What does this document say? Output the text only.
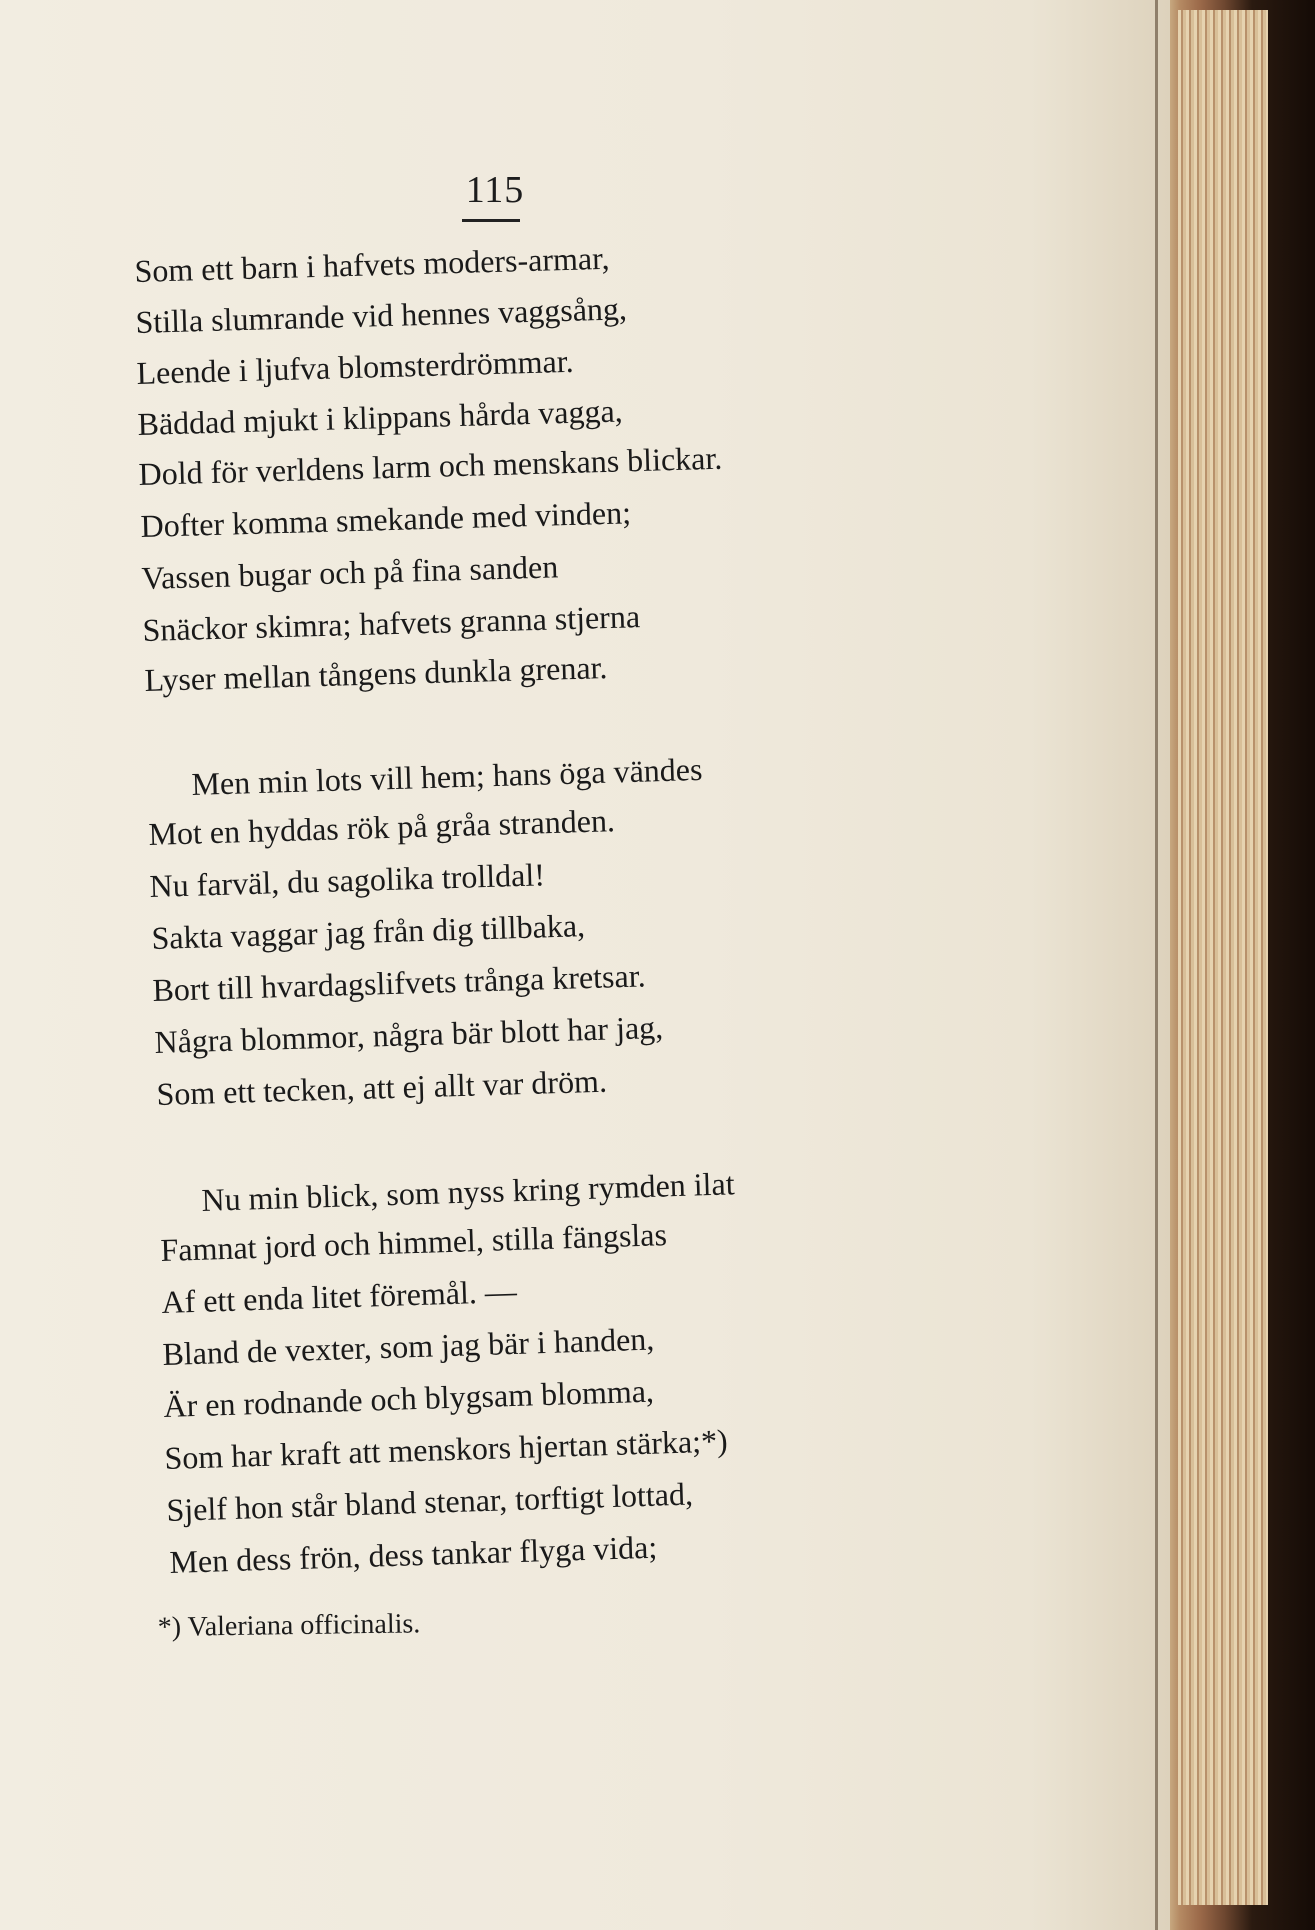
115
Som ett barn i hafvets moders-armar,
Stilla slumrande vid hennes vaggsång,
Leende i ljufva blomsterdrömmar.
Bäddad mjukt i klippans hårda vagga,
Dold för verldens larm och menskans blickar.
Dofter komma smekande med vinden;
Vassen bugar och på fina sanden
Snäckor skimra; hafvets granna stjerna
Lyser mellan tångens dunkla grenar.
Men min lots vill hem; hans öga vändes
Mot en hyddas rök på gråa stranden.
Nu farväl, du sagolika trolldal!
Sakta vaggar jag från dig tillbaka,
Bort till hvardagslifvets trånga kretsar.
Några blommor, några bär blott har jag,
Som ett tecken, att ej allt var dröm.
Nu min blick, som nyss kring rymden ilat
Famnat jord och himmel, stilla fängslas
Af ett enda litet föremål. —
Bland de vexter, som jag bär i handen,
Är en rodnande och blygsam blomma,
Som har kraft att menskors hjertan stärka;*)
Sjelf hon står bland stenar, torftigt lottad,
Men dess frön, dess tankar flyga vida;
*) Valeriana officinalis.
